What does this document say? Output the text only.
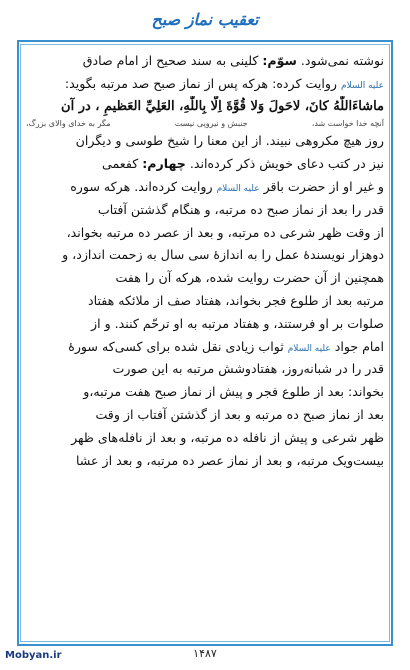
تعقیب نماز صبح
نوشته نمی‌شود. سوّم: کلینی به سند صحیح از امام صادق
عليه السلام روایت کرده: هرکه پس از نماز صبح صد مرتبه بگوید:
ماشاءَاللّٰهُ كانَ، لاحَولَ وَلا قُوَّةَ اِلّا بِاللّٰهِ، العَلِيِّ العَظيمِ ، در آن
آنچه خدا خواست شد،
جنبش و نیرویی نیست
مگر به خدای والای بزرگ،
روز هیچ مکروهی نبیند. از این معنا را شیخ طوسی و دیگران
نیز در کتب دعای خویش ذکر کرده‌اند. چهارم: کفعمی
و غیر او از حضرت باقر عليه السلام روایت کرده‌اند. هرکه سوره
قدر را بعد از نماز صبح ده مرتبه، و هنگام گذشتن آفتاب
از وقت ظهر شرعی ده مرتبه، و بعد از عصر ده مرتبه بخواند،
دوهزار نویسندهٔ عمل را به اندازهٔ سی سال به زحمت اندازد، و
همچنین از آن حضرت روایت شده، هرکه آن را هفت
مرتبه بعد از طلوع فجر بخواند، هفتاد صف از ملائکه هفتاد
صلوات بر او فرستند، و هفتاد مرتبه به او ترحّم کنند. و از
امام جواد عليه السلام ثواب زیادی نقل شده برای کسی‌که سورهٔ
قدر را در شبانه‌روز، هفتادوشش مرتبه به این صورت
بخواند: بعد از طلوع فجر و پیش از نماز صبح هفت مرتبه،و
بعد از نماز صبح ده مرتبه و بعد از گذشتن آفتاب از وقت
ظهر شرعی و پیش از نافله ده مرتبه، و بعد از نافله‌های ظهر
بیست‌ویک مرتبه، و بعد از نماز عصر ده مرتبه، و بعد از عشا
۱۴۸۷
Mobyan.ir
